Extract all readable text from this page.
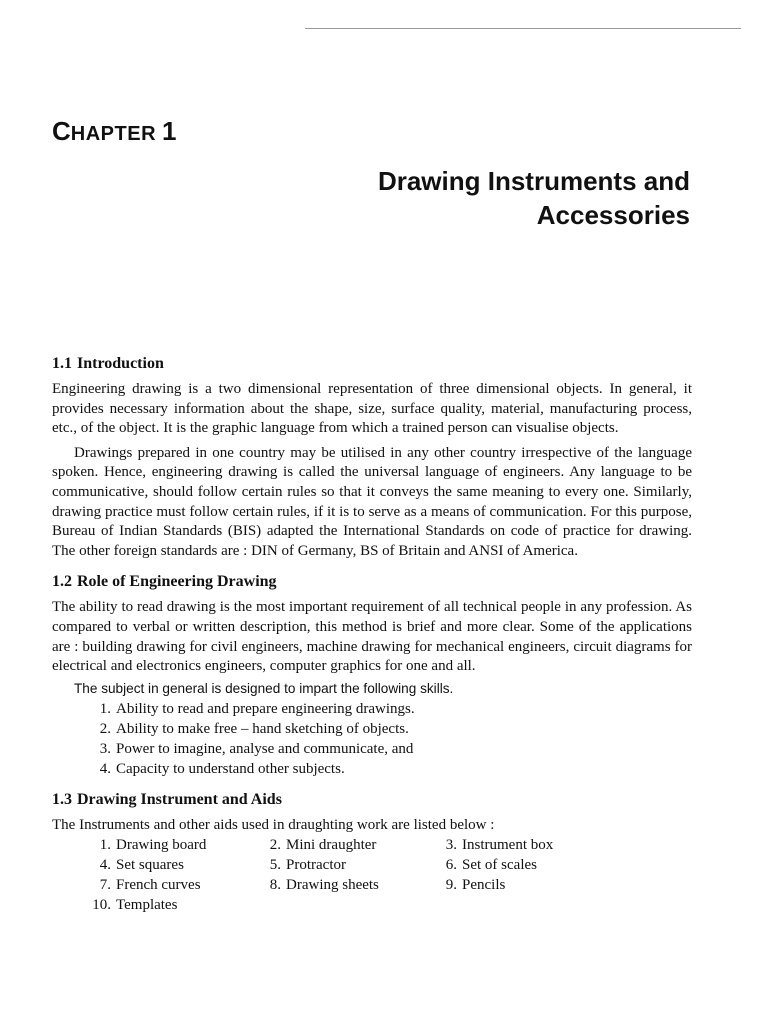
CHAPTER 1
Drawing Instruments and
Accessories
1.1 Introduction

Engineering drawing is a two dimensional representation of three dimensional objects. In general, it provides necessary information about the shape, size, surface quality, material, manufacturing process, etc., of the object. It is the graphic language from which a trained person can visualise objects.

Drawings prepared in one country may be utilised in any other country irrespective of the language spoken. Hence, engineering drawing is called the universal language of engineers. Any language to be communicative, should follow certain rules so that it conveys the same meaning to every one. Similarly, drawing practice must follow certain rules, if it is to serve as a means of communication. For this purpose, Bureau of Indian Standards (BIS) adapted the International Standards on code of practice for drawing. The other foreign standards are : DIN of Germany, BS of Britain and ANSI of America.

1.2 Role of Engineering Drawing

The ability to read drawing is the most important requirement of all technical people in any profession. As compared to verbal or written description, this method is brief and more clear. Some of the applications are : building drawing for civil engineers, machine drawing for mechanical engineers, circuit diagrams for electrical and electronics engineers, computer graphics for one and all.

The subject in general is designed to impart the following skills.
1. Ability to read and prepare engineering drawings.
2. Ability to make free – hand sketching of objects.
3. Power to imagine, analyse and communicate, and
4. Capacity to understand other subjects.
1.3 Drawing Instrument and Aids

The Instruments and other aids used in draughting work are listed below :

1. Drawing board	2. Mini draughter	3. Instrument box
4. Set squares	5. Protractor	6. Set of scales
7. French curves	8. Drawing sheets	9. Pencils
10. Templates
